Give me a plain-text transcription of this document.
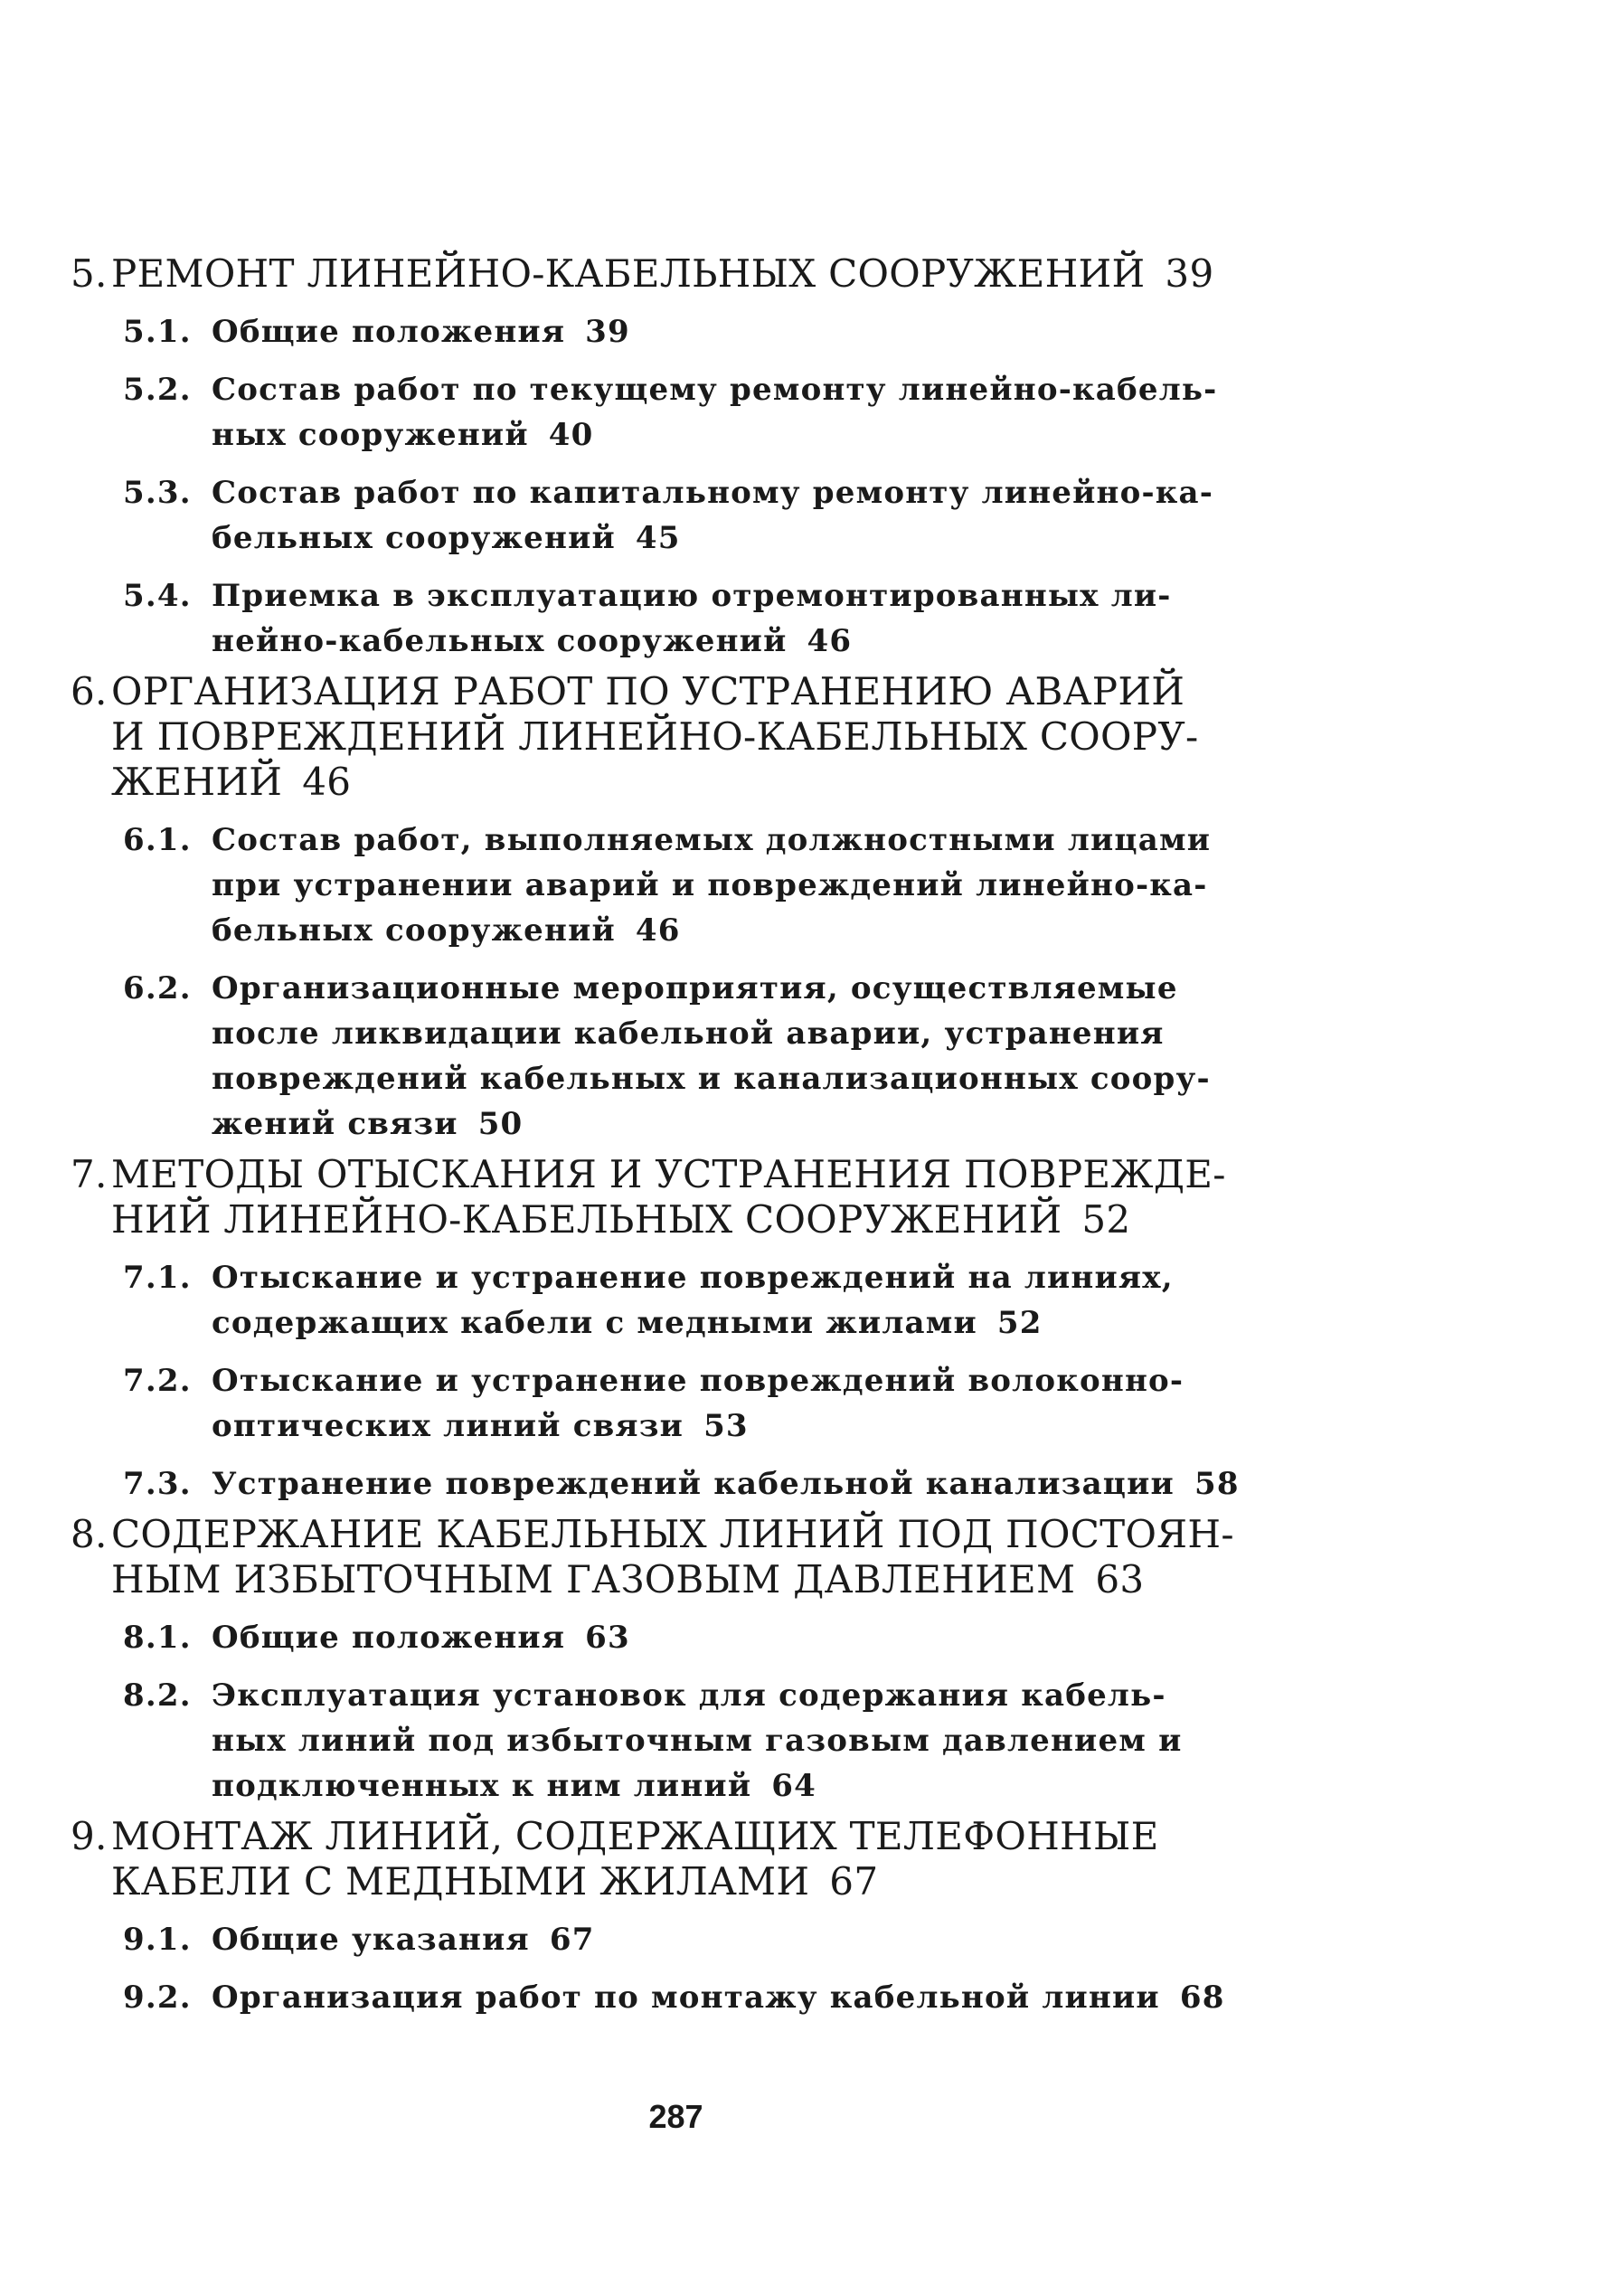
5. РЕМОНТ ЛИНЕЙНО-КАБЕЛЬНЫХ СООРУЖЕНИЙ 39
5.1. Общие положения 39
5.2. Состав работ по текущему ремонту линейно-кабель-
ных сооружений 40
5.3. Состав работ по капитальному ремонту линейно-ка-
бельных сооружений 45
5.4. Приемка в эксплуатацию отремонтированных ли-
нейно-кабельных сооружений 46
6. ОРГАНИЗАЦИЯ РАБОТ ПО УСТРАНЕНИЮ АВАРИЙ
И ПОВРЕЖДЕНИЙ ЛИНЕЙНО-КАБЕЛЬНЫХ СООРУ-
ЖЕНИЙ 46
6.1. Состав работ, выполняемых должностными лицами
при устранении аварий и повреждений линейно-ка-
бельных сооружений 46
6.2. Организационные мероприятия, осуществляемые
после ликвидации кабельной аварии, устранения
повреждений кабельных и канализационных соору-
жений связи 50
7. МЕТОДЫ ОТЫСКАНИЯ И УСТРАНЕНИЯ ПОВРЕЖДЕ-
НИЙ ЛИНЕЙНО-КАБЕЛЬНЫХ СООРУЖЕНИЙ 52
7.1. Отыскание и устранение повреждений на линиях,
содержащих кабели с медными жилами 52
7.2. Отыскание и устранение повреждений волоконно-
оптических линий связи 53
7.3. Устранение повреждений кабельной канализации 58
8. СОДЕРЖАНИЕ КАБЕЛЬНЫХ ЛИНИЙ ПОД ПОСТОЯН-
НЫМ ИЗБЫТОЧНЫМ ГАЗОВЫМ ДАВЛЕНИЕМ 63
8.1. Общие положения 63
8.2. Эксплуатация установок для содержания кабель-
ных линий под избыточным газовым давлением и
подключенных к ним линий 64
9. МОНТАЖ ЛИНИЙ, СОДЕРЖАЩИХ ТЕЛЕФОННЫЕ
КАБЕЛИ С МЕДНЫМИ ЖИЛАМИ 67
9.1. Общие указания 67
9.2. Организация работ по монтажу кабельной линии 68
287
